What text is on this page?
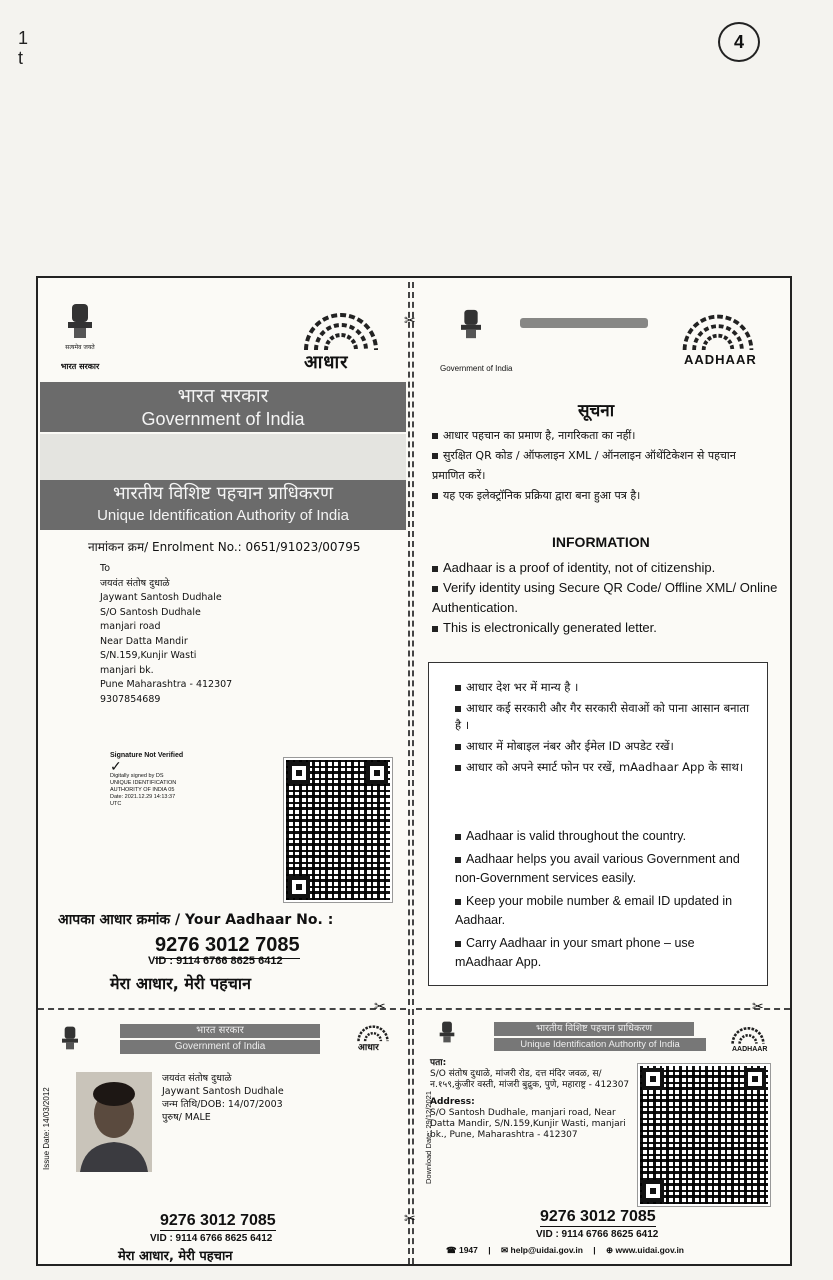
1
t
4
✂
✂
✂	✂
सत्यमेव जयते
भारत सरकार	आधार
भारत सरकार
Government of India
भारतीय विशिष्ट पहचान प्राधिकरण
Unique Identification Authority of India
नामांकन क्रम/ Enrolment No.: 0651/91023/00795
To
जयवंत संतोष दुधाळे
Jaywant Santosh Dudhale
S/O Santosh Dudhale
manjari road
Near Datta Mandir
S/N.159,Kunjir Wasti
manjari bk.
Pune Maharashtra - 412307
9307854689
Signature Not Verified
✓
Digitally signed by DS
UNIQUE IDENTIFICATION
AUTHORITY OF INDIA 05
Date: 2021.12.29 14:13:37
UTC
आपका आधार क्रमांक / Your Aadhaar No. :
9276 3012 7085
VID : 9114 6766 8625 6412
मेरा आधार, मेरी पहचान
Government of India
AADHAAR
सूचना
आधार पहचान का प्रमाण है, नागरिकता का नहीं।
सुरक्षित QR कोड / ऑफलाइन XML / ऑनलाइन ऑथेंटिकेशन से पहचान प्रमाणित करें।
यह एक इलेक्ट्रॉनिक प्रक्रिया द्वारा बना हुआ पत्र है।
INFORMATION

Aadhaar is a proof of identity, not of citizenship.

Verify identity using Secure QR Code/ Offline XML/ Online Authentication.

This is electronically generated letter.

आधार देश भर में मान्य है ।
आधार कई सरकारी और गैर सरकारी सेवाओं को पाना आसान बनाता है ।
आधार में मोबाइल नंबर और ईमेल ID अपडेट रखें।
आधार को अपने स्मार्ट फोन पर रखें, mAadhaar App के साथ।
Aadhaar is valid throughout the country.
Aadhaar helps you avail various Government and non-Government services easily.
Keep your mobile number & email ID updated in Aadhaar.
Carry Aadhaar in your smart phone – use mAadhaar App.
भारत सरकार
Government of India	आधार
Issue Date: 14/03/2012
जयवंत संतोष दुधाळे
Jaywant Santosh Dudhale
जन्म तिथि/DOB: 14/07/2003
पुरुष/ MALE
9276 3012 7085
VID : 9114 6766 8625 6412
मेरा आधार, मेरी पहचान
भारतीय विशिष्ट पहचान प्राधिकरण
Unique Identification Authority of India	AADHAAR
Download Date: 29/12/2021
पता:
S/O संतोष दुधाळे, मांजरी रोड, दत्त मंदिर जवळ, स/न.१५९,कुंजीर वस्ती, मांजरी बुद्रुक, पुणे, महाराष्ट्र - 412307
Address:
S/O Santosh Dudhale, manjari road, Near Datta Mandir, S/N.159,Kunjir Wasti, manjari bk., Pune, Maharashtra - 412307
9276 3012 7085
VID : 9114 6766 8625 6412
☎ 1947 | ✉ help@uidai.gov.in | ⊕ www.uidai.gov.in
